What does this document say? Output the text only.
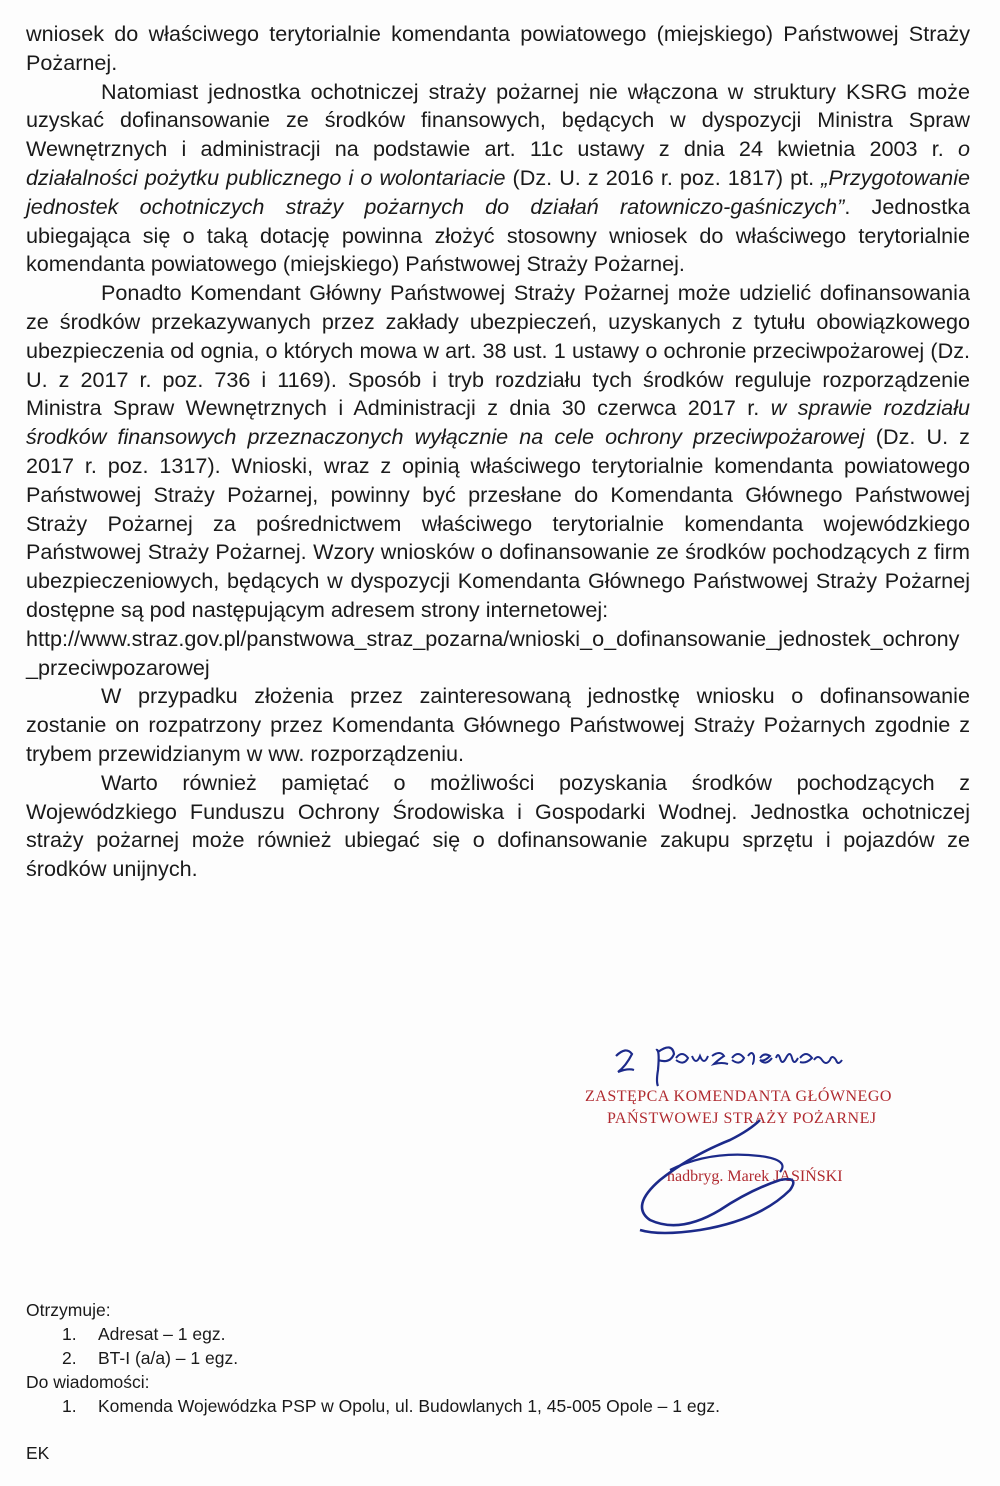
wniosek do właściwego terytorialnie komendanta powiatowego (miejskiego) Państwowej Straży Pożarnej.

Natomiast jednostka ochotniczej straży pożarnej nie włączona w struktury KSRG może uzyskać dofinansowanie ze środków finansowych, będących w dyspozycji Ministra Spraw Wewnętrznych i administracji na podstawie art. 11c ustawy z dnia 24 kwietnia 2003 r. o działalności pożytku publicznego i o wolontariacie (Dz. U. z 2016 r. poz. 1817) pt. „Przygotowanie jednostek ochotniczych straży pożarnych do działań ratowniczo-gaśniczych”. Jednostka ubiegająca się o taką dotację powinna złożyć stosowny wniosek do właściwego terytorialnie komendanta powiatowego (miejskiego) Państwowej Straży Pożarnej.

Ponadto Komendant Główny Państwowej Straży Pożarnej może udzielić dofinansowania ze środków przekazywanych przez zakłady ubezpieczeń, uzyskanych z tytułu obowiązkowego ubezpieczenia od ognia, o których mowa w art. 38 ust. 1 ustawy o ochronie przeciwpożarowej (Dz. U. z 2017 r. poz. 736 i 1169). Sposób i tryb rozdziału tych środków reguluje rozporządzenie Ministra Spraw Wewnętrznych i Administracji z dnia 30 czerwca 2017 r. w sprawie rozdziału środków finansowych przeznaczonych wyłącznie na cele ochrony przeciwpożarowej (Dz. U. z 2017 r. poz. 1317). Wnioski, wraz z opinią właściwego terytorialnie komendanta powiatowego Państwowej Straży Pożarnej, powinny być przesłane do Komendanta Głównego Państwowej Straży Pożarnej za pośrednictwem właściwego terytorialnie komendanta wojewódzkiego Państwowej Straży Pożarnej. Wzory wniosków o dofinansowanie ze środków pochodzących z firm ubezpieczeniowych, będących w dyspozycji Komendanta Głównego Państwowej Straży Pożarnej dostępne są pod następującym adresem strony internetowej:

http://www.straz.gov.pl/panstwowa_straz_pozarna/wnioski_o_dofinansowanie_jednostek_ochrony_przeciwpozarowej

W przypadku złożenia przez zainteresowaną jednostkę wniosku o dofinansowanie zostanie on rozpatrzony przez Komendanta Głównego Państwowej Straży Pożarnych zgodnie z trybem przewidzianym w ww. rozporządzeniu.

Warto również pamiętać o możliwości pozyskania środków pochodzących z Wojewódzkiego Funduszu Ochrony Środowiska i Gospodarki Wodnej. Jednostka ochotniczej straży pożarnej może również ubiegać się o dofinansowanie zakupu sprzętu i pojazdów ze środków unijnych.

ZASTĘPCA KOMENDANTA GŁÓWNEGO
PAŃSTWOWEJ STRAŻY POŻARNEJ
nadbryg. Marek JASIŃSKI

Otrzymuje:

1. Adresat – 1 egz.
2. BT-I (a/a) – 1 egz.

Do wiadomości:

1. Komenda Wojewódzka PSP w Opolu, ul. Budowlanych 1, 45-005 Opole – 1 egz.
EK
